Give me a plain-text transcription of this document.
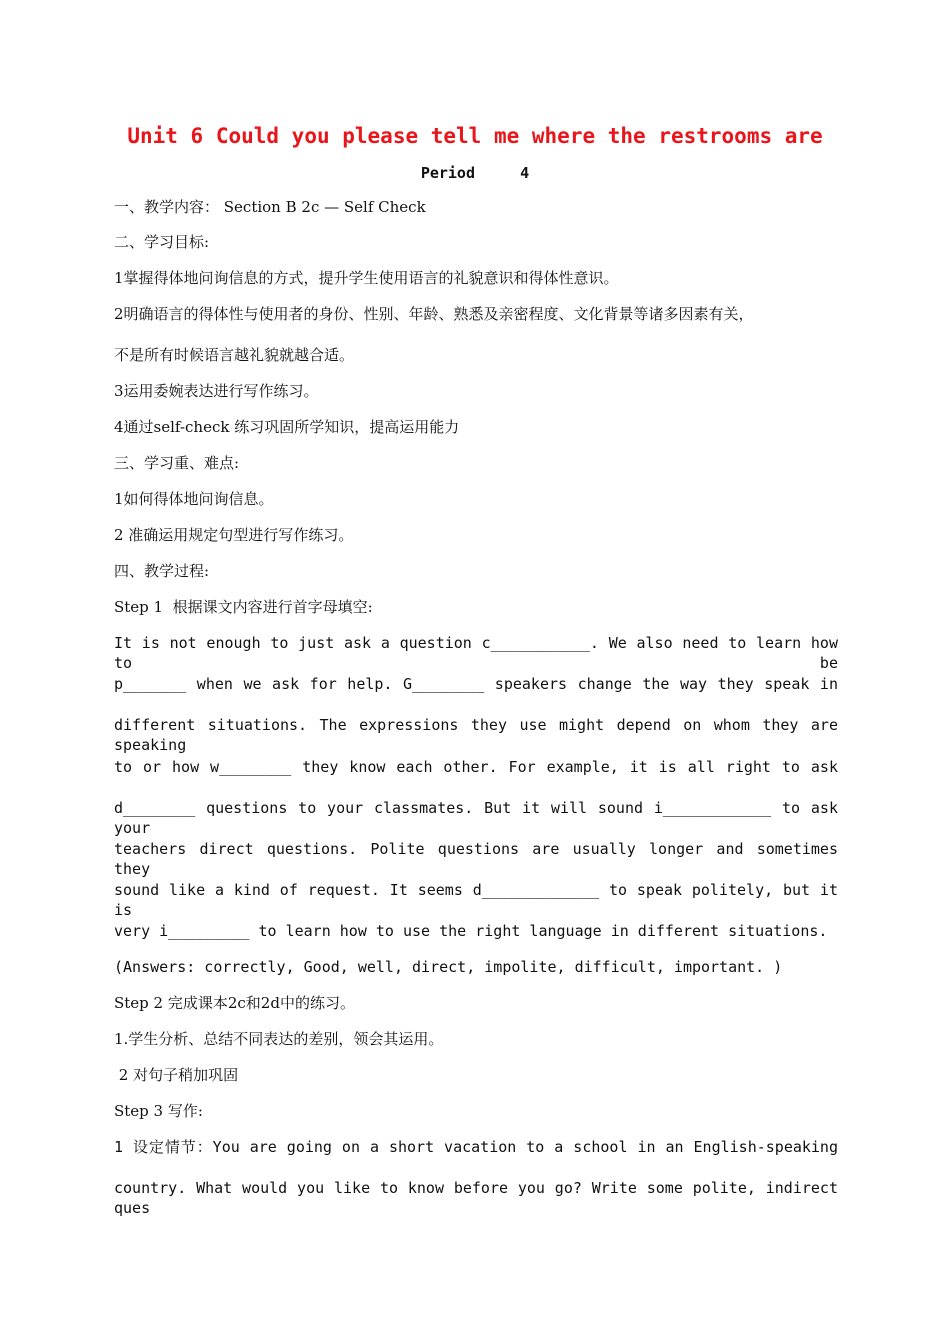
Unit 6 Could you please tell me where the restrooms are
Period     4
一、教学内容： Section B 2c — Self Check
二、学习目标:
1掌握得体地问询信息的方式，提升学生使用语言的礼貌意识和得体性意识。
2明确语言的得体性与使用者的身份、性别、年龄、熟悉及亲密程度、文化背景等诸多因素有关，
不是所有时候语言越礼貌就越合适。
3运用委婉表达进行写作练习。
4通过self-check 练习巩固所学知识，提高运用能力
三、学习重、难点:
1如何得体地问询信息。
2 准确运用规定句型进行写作练习。
四、教学过程:
Step 1  根据课文内容进行首字母填空:
It is not enough to just ask a question c___________. We also need to learn how to be
p_______ when we ask for help. G________ speakers change the way they speak in
different situations. The expressions they use might depend on whom they are speaking
to or how w________ they know each other. For example, it is all right to ask
d________ questions to your classmates. But it will sound i____________ to ask your
teachers direct questions. Polite questions are usually longer and sometimes they
sound like a kind of request. It seems d_____________ to speak politely, but it is
very i_________ to learn how to use the right language in different situations.
(Answers: correctly, Good, well, direct, impolite, difficult, important. )
Step 2 完成课本2c和2d中的练习。
1.学生分析、总结不同表达的差别，领会其运用。
2 对句子稍加巩固
Step 3 写作:
1 设定情节：You are going on a short vacation to a school in an English-speaking
country. What would you like to know before you go? Write some polite, indirect ques
